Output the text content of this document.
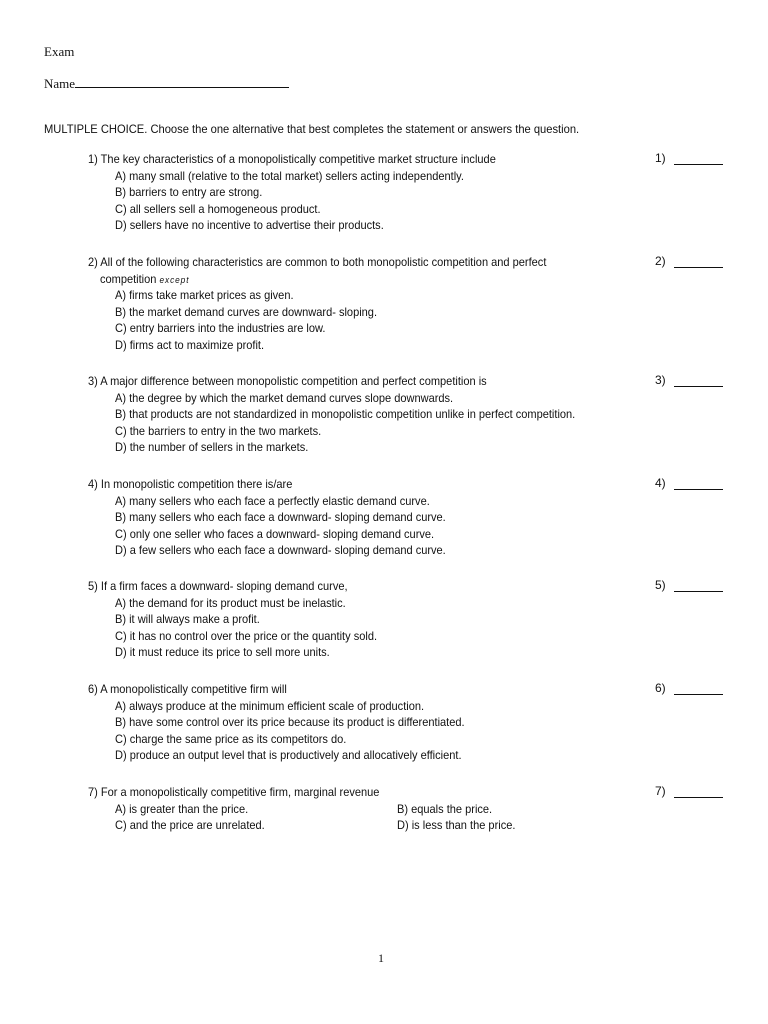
Exam
Name
MULTIPLE CHOICE. Choose the one alternative that best completes the statement or answers the question.
1) The key characteristics of a monopolistically competitive market structure include	1)
A) many small (relative to the total market) sellers acting independently.
B) barriers to entry are strong.
C) all sellers sell a homogeneous product.
D) sellers have no incentive to advertise their products.
2) All of the following characteristics are common to both monopolistic competition and perfect
competition except
2)
A) firms take market prices as given.
B) the market demand curves are downward- sloping.
C) entry barriers into the industries are low.
D) firms act to maximize profit.
3) A major difference between monopolistic competition and perfect competition is	3)
A) the degree by which the market demand curves slope downwards.
B) that products are not standardized in monopolistic competition unlike in perfect competition.
C) the barriers to entry in the two markets.
D) the number of sellers in the markets.
4) In monopolistic competition there is/are	4)
A) many sellers who each face a perfectly elastic demand curve.
B) many sellers who each face a downward- sloping demand curve.
C) only one seller who faces a downward- sloping demand curve.
D) a few sellers who each face a downward- sloping demand curve.
5) If a firm faces a downward- sloping demand curve,	5)
A) the demand for its product must be inelastic.
B) it will always make a profit.
C) it has no control over the price or the quantity sold.
D) it must reduce its price to sell more units.
6) A monopolistically competitive firm will	6)
A) always produce at the minimum efficient scale of production.
B) have some control over its price because its product is differentiated.
C) charge the same price as its competitors do.
D) produce an output level that is productively and allocatively efficient.
7) For a monopolistically competitive firm, marginal revenue	7)
A) is greater than the price.	B) equals the price.
C) and the price are unrelated.	D) is less than the price.
1
